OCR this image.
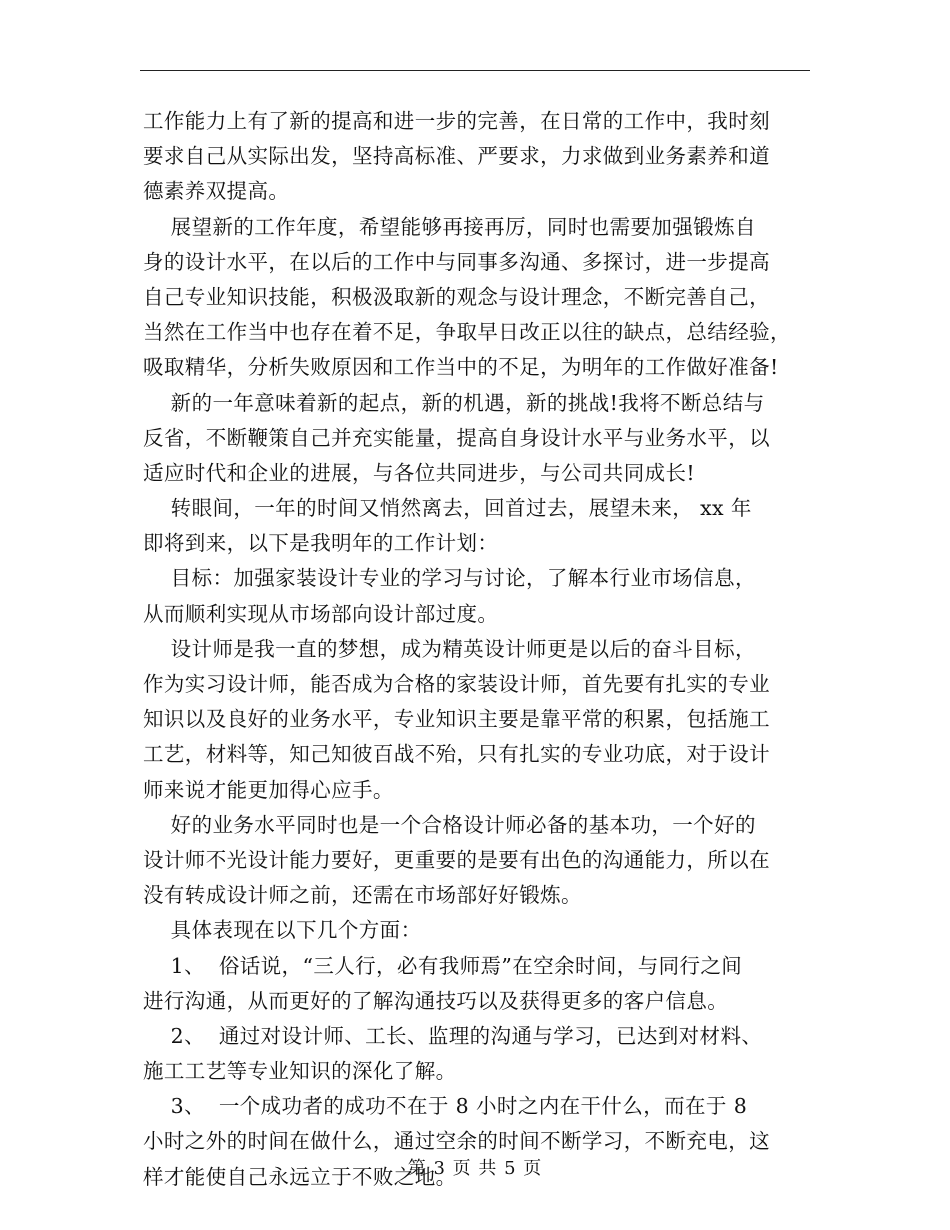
工作能力上有了新的提高和进一步的完善，在日常的工作中，我时刻
要求自己从实际出发，坚持高标准、严要求，力求做到业务素养和道
德素养双提高。
展望新的工作年度，希望能够再接再厉，同时也需要加强锻炼自
身的设计水平，在以后的工作中与同事多沟通、多探讨，进一步提高
自己专业知识技能，积极汲取新的观念与设计理念，不断完善自己，
当然在工作当中也存在着不足，争取早日改正以往的缺点，总结经验，
吸取精华，分析失败原因和工作当中的不足，为明年的工作做好准备!
新的一年意味着新的起点，新的机遇，新的挑战!我将不断总结与
反省，不断鞭策自己并充实能量，提高自身设计水平与业务水平，以
适应时代和企业的进展，与各位共同进步，与公司共同成长!
转眼间，一年的时间又悄然离去，回首过去，展望未来， xx 年
即将到来，以下是我明年的工作计划：
目标：加强家装设计专业的学习与讨论，了解本行业市场信息，
从而顺利实现从市场部向设计部过度。
设计师是我一直的梦想，成为精英设计师更是以后的奋斗目标，
作为实习设计师，能否成为合格的家装设计师，首先要有扎实的专业
知识以及良好的业务水平，专业知识主要是靠平常的积累，包括施工
工艺，材料等，知己知彼百战不殆，只有扎实的专业功底，对于设计
师来说才能更加得心应手。
好的业务水平同时也是一个合格设计师必备的基本功，一个好的
设计师不光设计能力要好，更重要的是要有出色的沟通能力，所以在
没有转成设计师之前，还需在市场部好好锻炼。
具体表现在以下几个方面：
1、  俗话说，“三人行，必有我师焉”在空余时间，与同行之间
进行沟通，从而更好的了解沟通技巧以及获得更多的客户信息。
2、  通过对设计师、工长、监理的沟通与学习，已达到对材料、
施工工艺等专业知识的深化了解。
3、  一个成功者的成功不在于 8 小时之内在干什么，而在于 8
小时之外的时间在做什么，通过空余的时间不断学习，不断充电，这
样才能使自己永远立于不败之地。
第 3 页 共 5 页
